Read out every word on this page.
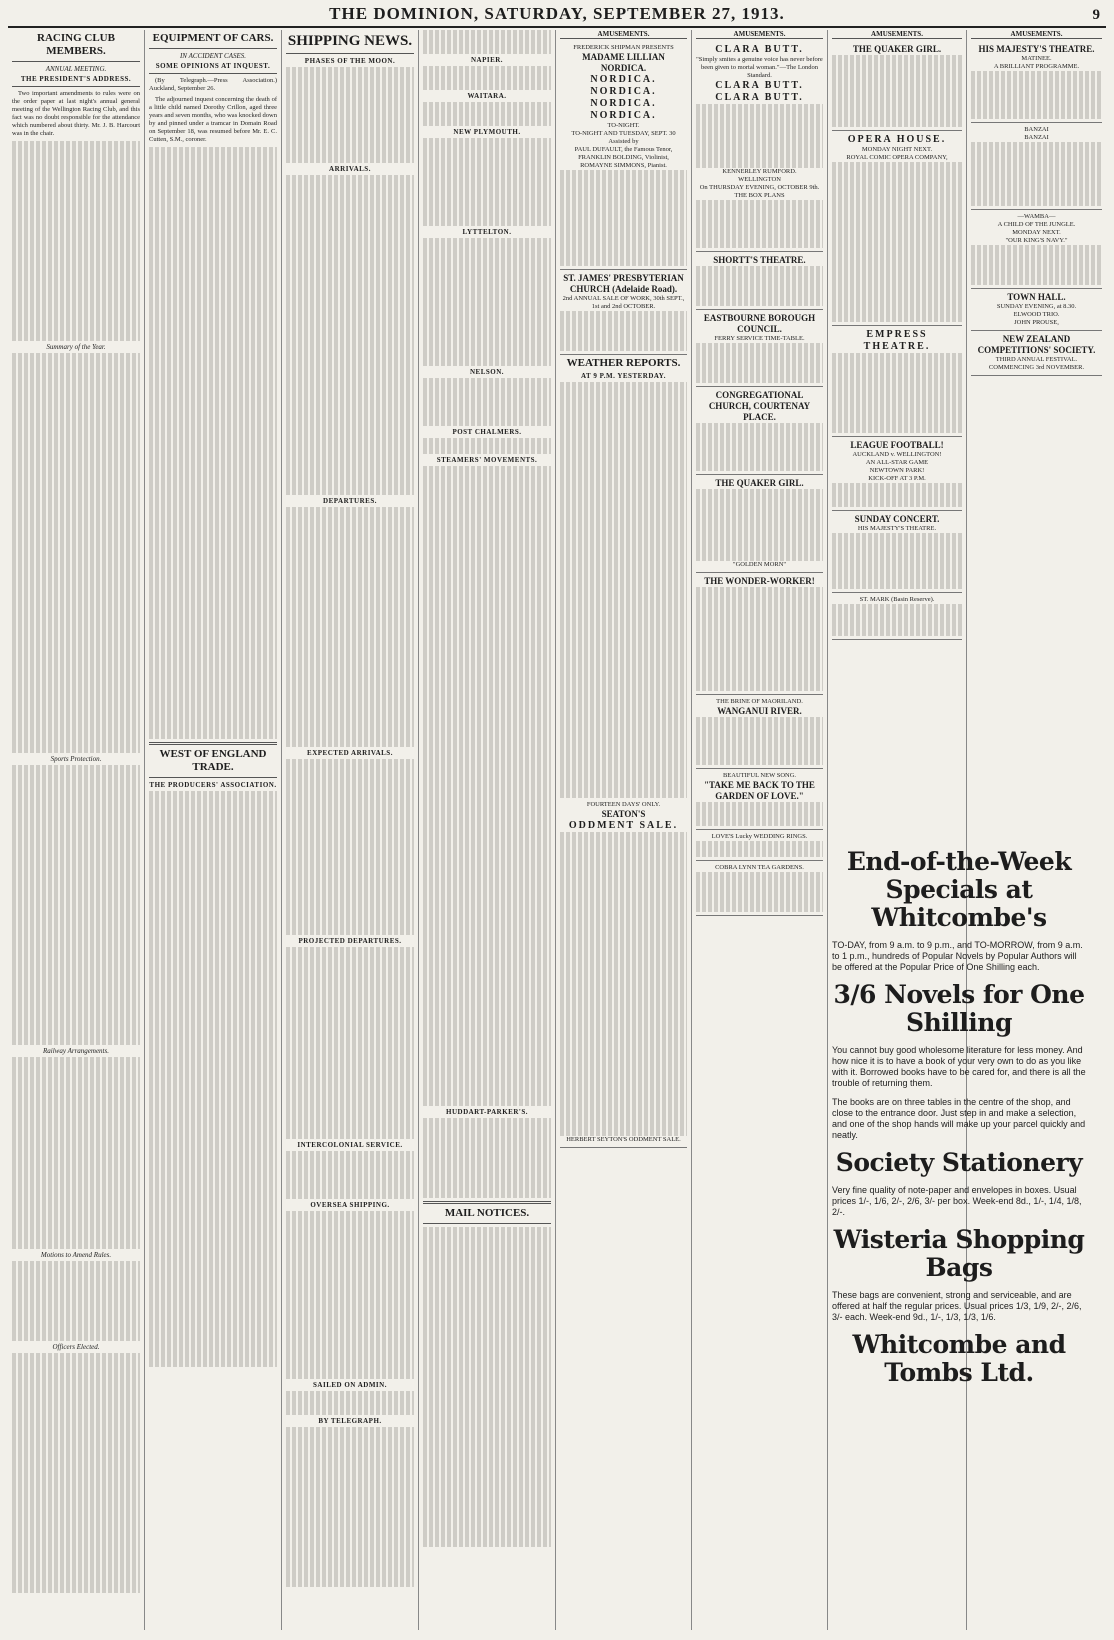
THE DOMINION, SATURDAY, SEPTEMBER 27, 1913.	9
RACING CLUB MEMBERS.
ANNUAL MEETING.
THE PRESIDENT'S ADDRESS.

Two important amendments to rules were on the order paper at last night's annual general meeting of the Wellington Racing Club, and this fact was no doubt responsible for the attendance which numbered about thirty. Mr. J. B. Harcourt was in the chair.

Summary of the Year.
Sports Protection.
Railway Arrangements.
Motions to Amend Rules.
Officers Elected.
EQUIPMENT OF CARS.
IN ACCIDENT CASES.
SOME OPINIONS AT INQUEST.

(By Telegraph.—Press Association.) Auckland, September 26.

The adjourned inquest concerning the death of a little child named Dorothy Crillon, aged three years and seven months, who was knocked down by and pinned under a tramcar in Domain Road on September 18, was resumed before Mr. E. C. Cutten, S.M., coroner.

WEST OF ENGLAND TRADE.
THE PRODUCERS' ASSOCIATION.
SHIPPING NEWS.
PHASES OF THE MOON.
ARRIVALS.
DEPARTURES.
EXPECTED ARRIVALS.
PROJECTED DEPARTURES.
INTERCOLONIAL SERVICE.
OVERSEA SHIPPING.
SAILED ON ADMIN.
BY TELEGRAPH.
NAPIER.
WAITARA.
NEW PLYMOUTH.
LYTTELTON.
NELSON.
POST CHALMERS.
STEAMERS' MOVEMENTS.
HUDDART-PARKER'S.
MAIL NOTICES.
AMUSEMENTS.
FREDERICK SHIPMAN PRESENTS
MADAME LILLIAN NORDICA.
NORDICA.
NORDICA.
NORDICA.
NORDICA.
TO-NIGHT.
TO-NIGHT AND TUESDAY, SEPT. 30
Assisted by
PAUL DUFAULT, the Famous Tenor,
FRANKLIN BOLDING, Violinist,
ROMAYNE SIMMONS, Pianist.
ST. JAMES' PRESBYTERIAN CHURCH (Adelaide Road).
2nd ANNUAL SALE OF WORK, 30th SEPT., 1st and 2nd OCTOBER.
WEATHER REPORTS.
AT 9 P.M. YESTERDAY.
FOURTEEN DAYS' ONLY.
SEATON'S
ODDMENT SALE.
HERBERT SEYTON'S ODDMENT SALE.
AMUSEMENTS.
CLARA BUTT.
"Simply smites a genuine voice has never before been given to mortal woman."—The London Standard.
CLARA BUTT.
CLARA BUTT.
KENNERLEY RUMFORD.
WELLINGTON
On THURSDAY EVENING, OCTOBER 9th.
THE BOX PLANS
SHORTT'S THEATRE.
EASTBOURNE BOROUGH COUNCIL.
FERRY SERVICE TIME-TABLE.
CONGREGATIONAL CHURCH, COURTENAY PLACE.
THE QUAKER GIRL.
"GOLDEN MORN"
THE WONDER-WORKER!
THE BRINE OF MAORILAND.
WANGANUI RIVER.
BEAUTIFUL NEW SONG.
"TAKE ME BACK TO THE GARDEN OF LOVE."
LOVE'S Lucky WEDDING RINGS.
COBRA LYNN TEA GARDENS.
AMUSEMENTS.
THE QUAKER GIRL.
OPERA HOUSE.
MONDAY NIGHT NEXT.
ROYAL COMIC OPERA COMPANY,
EMPRESS THEATRE.
LEAGUE FOOTBALL!
AUCKLAND v. WELLINGTON!
AN ALL-STAR GAME
NEWTOWN PARK!
KICK-OFF AT 3 P.M.
SUNDAY CONCERT.
HIS MAJESTY'S THEATRE.
ST. MARK (Basin Reserve).
AMUSEMENTS.
HIS MAJESTY'S THEATRE.
MATINEE.
A BRILLIANT PROGRAMME.
BANZAI
BANZAI
—WAMBA—
A CHILD OF THE JUNGLE.
MONDAY NEXT.
"OUR KING'S NAVY."
TOWN HALL.
SUNDAY EVENING, at 8.30.
ELWOOD TRIO.
JOHN PROUSE,
NEW ZEALAND COMPETITIONS' SOCIETY.
THIRD ANNUAL FESTIVAL.
COMMENCING 3rd NOVEMBER.
End-of-the-Week Specials at Whitcombe's
TO-DAY, from 9 a.m. to 9 p.m., and TO-MORROW, from 9 a.m. to 1 p.m., hundreds of Popular Novels by Popular Authors will be offered at the Popular Price of One Shilling each.
3/6 Novels for One Shilling
You cannot buy good wholesome literature for less money. And how nice it is to have a book of your very own to do as you like with it. Borrowed books have to be cared for, and there is all the trouble of returning them.
The books are on three tables in the centre of the shop, and close to the entrance door. Just step in and make a selection, and one of the shop hands will make up your parcel quickly and neatly.
Society Stationery
Very fine quality of note-paper and envelopes in boxes. Usual prices 1/-, 1/6, 2/-, 2/6, 3/- per box. Week-end 8d., 1/-, 1/4, 1/8, 2/-.
Wisteria Shopping Bags
These bags are convenient, strong and serviceable, and are offered at half the regular prices. Usual prices 1/3, 1/9, 2/-, 2/6, 3/- each. Week-end 9d., 1/-, 1/3, 1/3, 1/6.
Whitcombe and Tombs Ltd.
